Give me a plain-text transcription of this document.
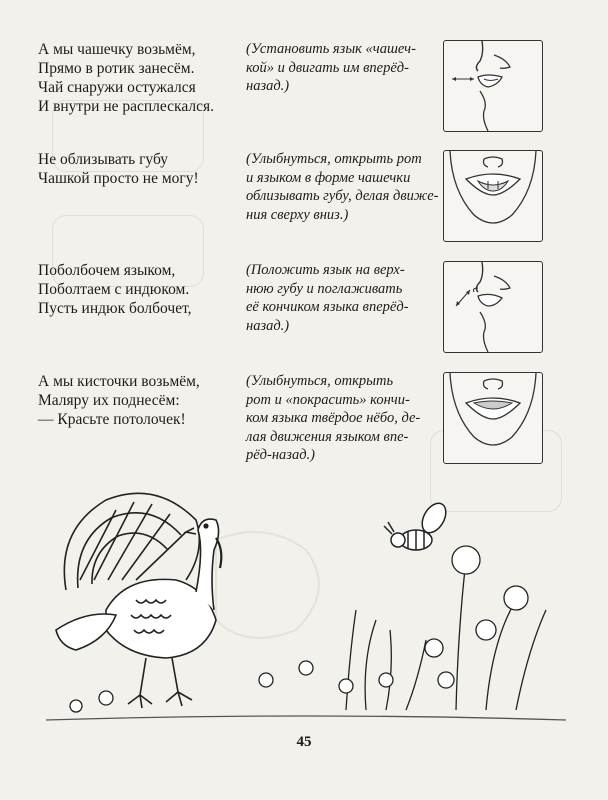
А мы чашечку возьмём,
Прямо в ротик занесём.
Чай снаружи остужался
И внутри не расплескался.
(Установить язык «чашеч-
кой» и двигать им вперёд-
назад.)
Не облизывать губу
Чашкой просто не могу!
(Улыбнуться, открыть рот
и языком в форме чашечки
облизывать губу, делая движе-
ния сверху вниз.)
Поболбочем языком,
Поболтаем с индюком.
Пусть индюк болбочет,
(Положить язык на верх-
нюю губу и поглаживать
её кончиком языка вперёд-
назад.)
А мы кисточки возьмём,
Маляру их поднесём:
— Красьте потолочек!
(Улыбнуться, открыть
рот и «покрасить» кончи-
ком языка твёрдое нёбо, де-
лая движения языком впе-
рёд-назад.)
45
